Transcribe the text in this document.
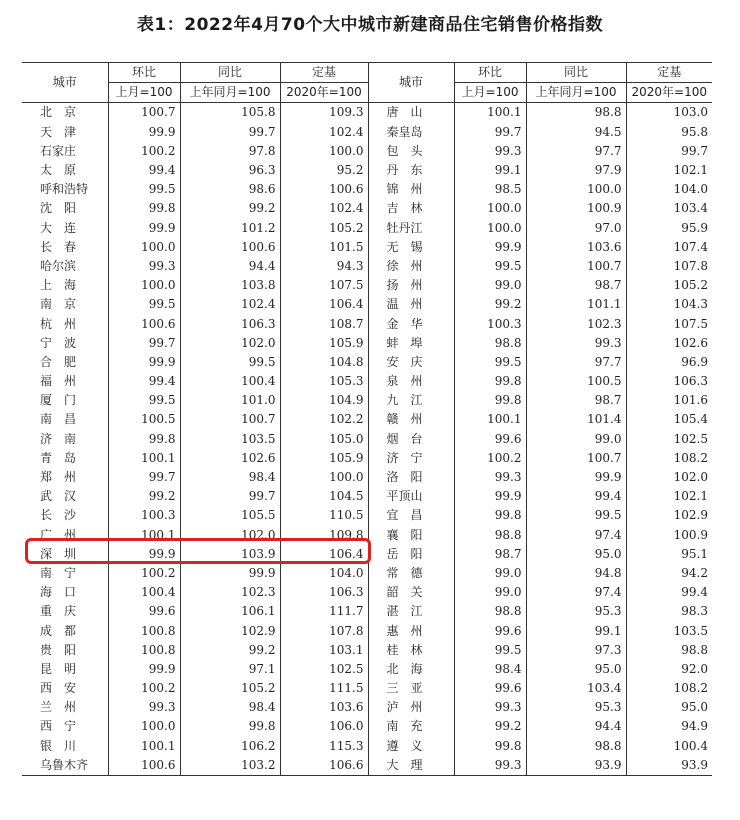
表1：2022年4月70个大中城市新建商品住宅销售价格指数
城市	环比	同比	定基	城市	环比	同比	定基
	上月=100	上年同月=100	2020年=100		上月=100	上年同月=100	2020年=100
北　京	100.7	105.8	109.3	唐　山	100.1	98.8	103.0
天　津	99.9	99.7	102.4	秦皇岛	99.7	94.5	95.8
石家庄	100.2	97.8	100.0	包　头	99.3	97.7	99.7
太　原	99.4	96.3	95.2	丹　东	99.1	97.9	102.1
呼和浩特	99.5	98.6	100.6	锦　州	98.5	100.0	104.0
沈　阳	99.8	99.2	102.4	吉　林	100.0	100.9	103.4
大　连	99.9	101.2	105.2	牡丹江	100.0	97.0	95.9
长　春	100.0	100.6	101.5	无　锡	99.9	103.6	107.4
哈尔滨	99.3	94.4	94.3	徐　州	99.5	100.7	107.8
上　海	100.0	103.8	107.5	扬　州	99.0	98.7	105.2
南　京	99.5	102.4	106.4	温　州	99.2	101.1	104.3
杭　州	100.6	106.3	108.7	金　华	100.3	102.3	107.5
宁　波	99.7	102.0	105.9	蚌　埠	98.8	99.3	102.6
合　肥	99.9	99.5	104.8	安　庆	99.5	97.7	96.9
福　州	99.4	100.4	105.3	泉　州	99.8	100.5	106.3
厦　门	99.5	101.0	104.9	九　江	99.8	98.7	101.6
南　昌	100.5	100.7	102.2	赣　州	100.1	101.4	105.4
济　南	99.8	103.5	105.0	烟　台	99.6	99.0	102.5
青　岛	100.1	102.6	105.9	济　宁	100.2	100.7	108.2
郑　州	99.7	98.4	100.0	洛　阳	99.3	99.9	102.0
武　汉	99.2	99.7	104.5	平顶山	99.9	99.4	102.1
长　沙	100.3	105.5	110.5	宜　昌	99.8	99.5	102.9
广　州	100.1	102.0	109.8	襄　阳	98.8	97.4	100.9
深　圳	99.9	103.9	106.4	岳　阳	98.7	95.0	95.1
南　宁	100.2	99.9	104.0	常　德	99.0	94.8	94.2
海　口	100.4	102.3	106.3	韶　关	99.0	97.4	99.4
重　庆	99.6	106.1	111.7	湛　江	98.8	95.3	98.3
成　都	100.8	102.9	107.8	惠　州	99.6	99.1	103.5
贵　阳	100.8	99.2	103.1	桂　林	99.5	97.3	98.8
昆　明	99.9	97.1	102.5	北　海	98.4	95.0	92.0
西　安	100.2	105.2	111.5	三　亚	99.6	103.4	108.2
兰　州	99.3	98.4	103.6	泸　州	99.3	95.3	95.0
西　宁	100.0	99.8	106.0	南　充	99.2	94.4	94.9
银　川	100.1	106.2	115.3	遵　义	99.8	98.8	100.4
乌鲁木齐	100.6	103.2	106.6	大　理	99.3	93.9	93.9
